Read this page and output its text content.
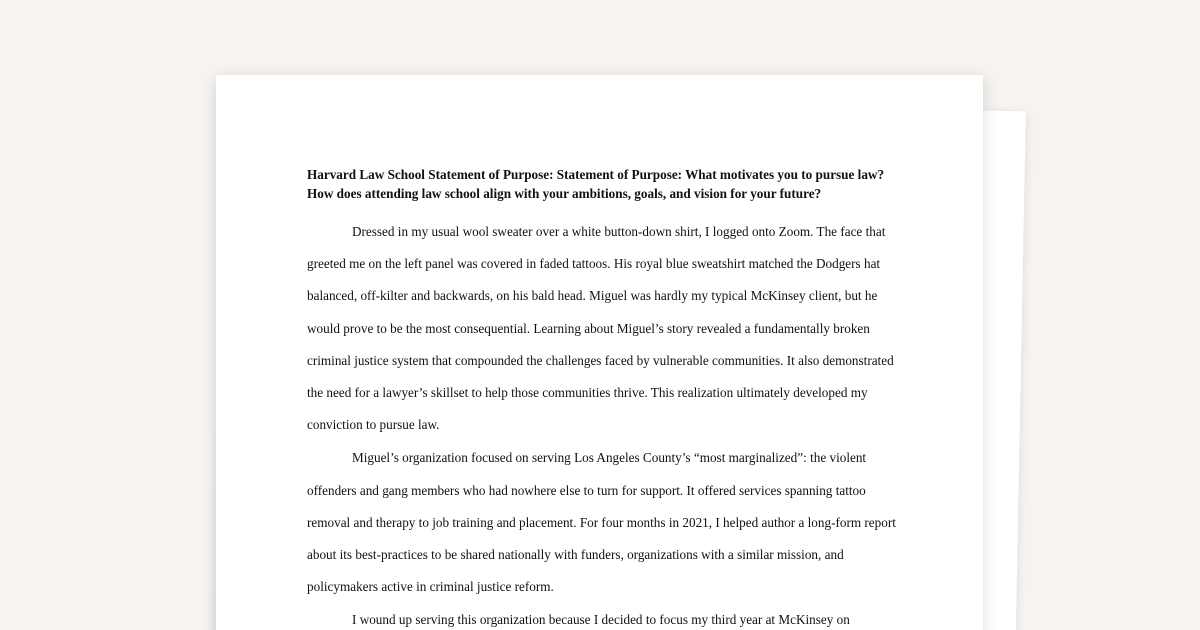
Harvard Law School Statement of Purpose: Statement of Purpose: What motivates you to pursue law? How does attending law school align with your ambitions, goals, and vision for your future?

Dressed in my usual wool sweater over a white button-down shirt, I logged onto Zoom. The face that greeted me on the left panel was covered in faded tattoos. His royal blue sweatshirt matched the Dodgers hat balanced, off-kilter and backwards, on his bald head. Miguel was hardly my typical McKinsey client, but he would prove to be the most consequential. Learning about Miguel’s story revealed a fundamentally broken criminal justice system that compounded the challenges faced by vulnerable communities. It also demonstrated the need for a lawyer’s skillset to help those communities thrive. This realization ultimately developed my conviction to pursue law.

Miguel’s organization focused on serving Los Angeles County’s “most marginalized”: the violent offenders and gang members who had nowhere else to turn for support. It offered services spanning tattoo removal and therapy to job training and placement. For four months in 2021, I helped author a long-form report about its best-practices to be shared nationally with funders, organizations with a similar mission, and policymakers active in criminal justice reform.

I wound up serving this organization because I decided to focus my third year at McKinsey on
